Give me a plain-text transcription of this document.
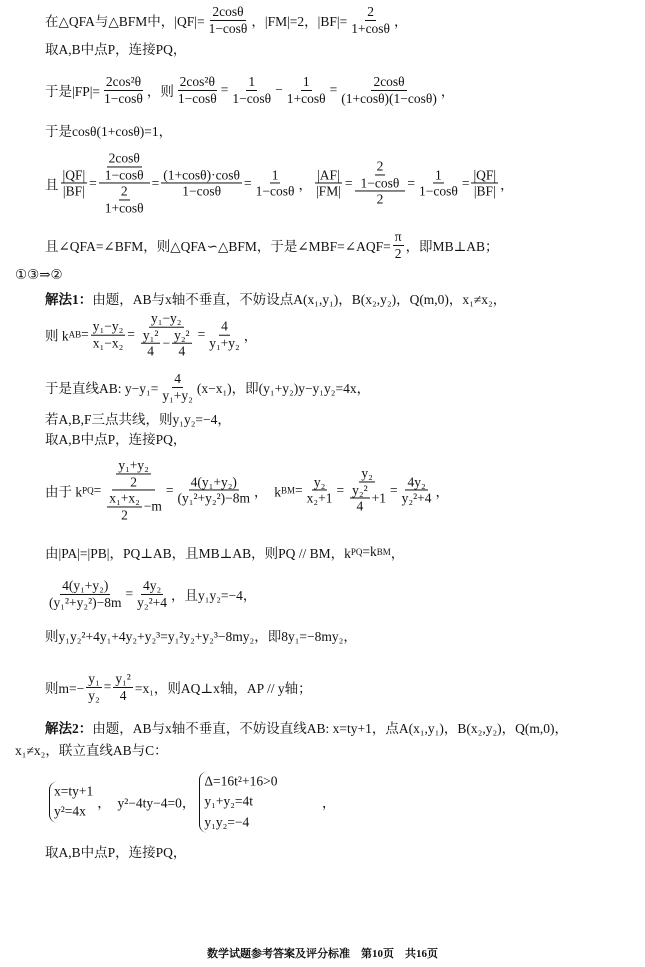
在△QFA与△BFM中，$|QF|= \frac{2\cos\theta}{1-\cos\theta}$ ，|FM|=2，$|BF|= \frac{2}{1+\cos\theta}$ ，
取A,B中点P，连接PQ，
于是$|FP|= \frac{\text{2cos²θ}}{1-\cos\theta}$ ，则 $\frac{\text{2cos²θ}}{1-\cos\theta} = \frac{1}{1-\cos\theta} - \frac{1}{1+\cos\theta} = \frac{2\cos\theta}{(1+\cos\theta)(1-\cos\theta)}$ ，
于是cosθ(1+cosθ)=1，
且 $\frac{|QF|}{|BF|} = \frac{\frac{2\cos\theta}{1-\cos\theta}}{\frac{2}{1+\cos\theta}} = \frac{(1+\cos\theta)\cdot\cos\theta}{1-\cos\theta} = \frac{1}{1-\cos\theta}$ ， $\frac{|AF|}{|FM|} = \frac{\frac{2}{1-\cos\theta}}{2} = \frac{1}{1-\cos\theta} = \frac{|QF|}{|BF|}$ ，
且∠QFA=∠BFM，则△QFA∽△BFM，于是∠MBF=∠AQF= $\frac{\pi}{2}$ ，即MB⊥AB；
①③⇒②
解法1： 由题，AB与x轴不垂直，不妨设点A(x₁,y₁)，B(x₂,y₂)，Q(m,0)，x₁≠x₂，
则 k AB = $\frac{\text{y₁−y₂}}{\text{x₁−x₂}} = \frac{\text{y₁−y₂}}{\frac{\text{y₁²}}{4} - \frac{\text{y₂²}}{4}} = \frac{4}{\text{y₁+y₂}}$ ，
于是直线AB: $y-y_1= \frac{4}{\text{y₁+y₂}} (x-x_1)$，即(y₁+y₂)y−y₁y₂=4x，
若A,B,F三点共线，则y₁y₂=−4，
取A,B中点P，连接PQ，
由于 k PQ = $\frac{\frac{\text{y₁+y₂}}{2}}{\frac{\text{x₁+x₂}}{2} -m} = \frac{\text{4(y₁+y₂)}}{\text{(y₁²+y₂²)−8m}}$ ，  k BM = $\frac{\text{y₂}}{\text{x₂+1}} = \frac{\text{y₂}}{\frac{\text{y₂²}}{4} +1} = \frac{\text{4y₂}}{\text{y₂²+4}}$ ，
由|PA|=|PB|，PQ⊥AB，且MB⊥AB，则PQ // BM，k PQ =k BM ，
$\frac{\text{4(y₁+y₂)}}{\text{(y₁²+y₂²)−8m}} = \frac{\text{4y₂}}{\text{y₂²+4}}$ ，且y₁y₂=−4，
则y₁y₂²+4y₁+4y₂+y₂³=y₁²y₂+y₂³−8my₂，即8y₁=−8my₂，
则$m=- \frac{\text{y₁}}{\text{y₂}} = \frac{\text{y₁²}}{4} =x_1$，则AQ⊥x轴，AP // y轴；
解法2： 由题，AB与x轴不垂直，不妨设直线AB: x=ty+1，点A(x₁,y₁)，B(x₂,y₂)，Q(m,0)，
x₁≠x₂，联立直线AB与C：
x=ty+1
y²=4x
，  y²−4ty−4=0，
Δ=16t²+16>0
y₁+y₂=4t
y₁y₂=−4
，
取A,B中点P，连接PQ，
数学试题参考答案及评分标准　第10页　共16页
